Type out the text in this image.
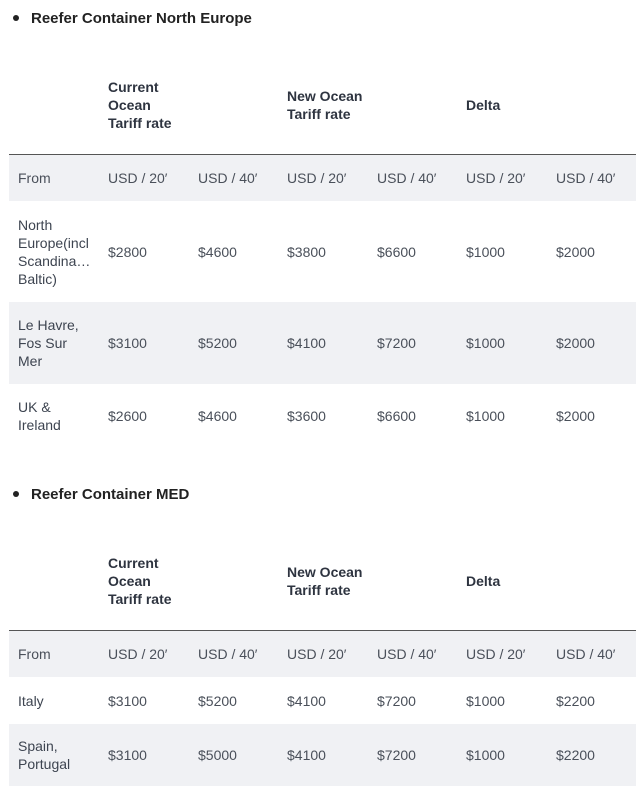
Reefer Container North Europe

	Current Ocean Tariff rate		New Ocean Tariff rate		Delta	

From	USD / 20′	USD / 40′	USD / 20′	USD / 40′	USD / 20′	USD / 40′

North Europe(incl Scandina… Baltic)	$2800	$4600	$3800	$6600	$1000	$2000

Le Havre, Fos Sur Mer	$3100	$5200	$4100	$7200	$1000	$2000

UK & Ireland	$2600	$4600	$3600	$6600	$1000	$2000
Reefer Container MED

	Current Ocean Tariff rate		New Ocean Tariff rate		Delta	

From	USD / 20′	USD / 40′	USD / 20′	USD / 40′	USD / 20′	USD / 40′

Italy	$3100	$5200	$4100	$7200	$1000	$2200

Spain, Portugal	$3100	$5000	$4100	$7200	$1000	$2200
